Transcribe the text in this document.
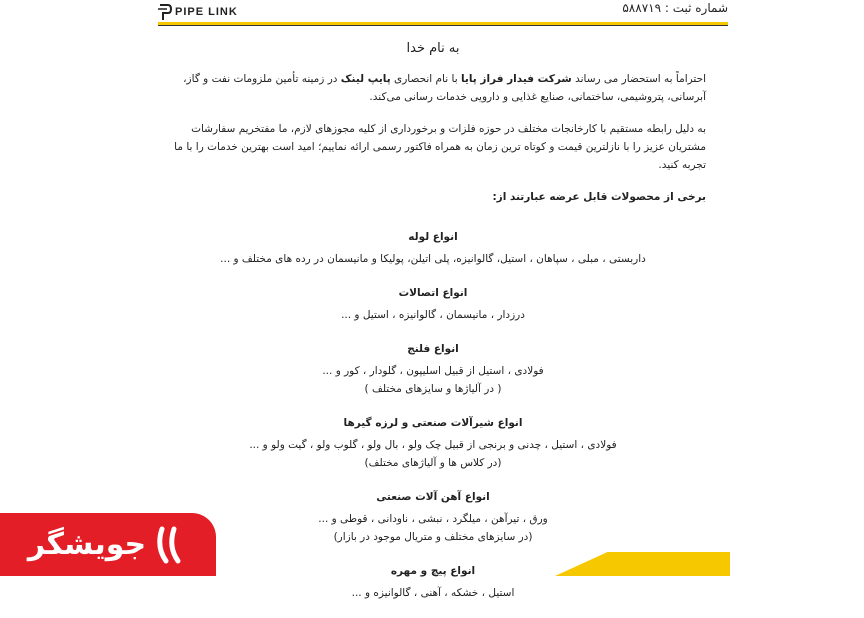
PIPE LINK	شماره ثبت : ۵۸۸۷۱۹
به نام خدا

احتراماً به استحضار می رساند شرکت فیدار فراز پایا با نام انحصاری پایپ لینک در زمینه تأمین ملزومات نفت و گاز، آبرسانی، پتروشیمی، ساختمانی، صنایع غذایی و دارویی خدمات رسانی می‌کند.

به دلیل رابطه مستقیم با کارخانجات مختلف در حوزه فلزات و برخورداری از کلیه مجوزهای لازم، ما مفتخریم سفارشات مشتریان عزیز را با نازلترین قیمت و کوتاه ترین زمان به همراه فاکتور رسمی ارائه نماییم؛ امید است بهترین خدمات را با ما تجربه کنید.

برخی از محصولات قابل عرضه عبارتند از:
انواع لوله
داربستی ، مبلی ، سپاهان ، استیل، گالوانیزه، پلی اتیلن، پولیکا و مانیسمان در رده های مختلف و ...
انواع اتصالات
درزدار ، مانیسمان ، گالوانیزه ، استیل و ...
انواع فلنج
فولادی ، استیل از قبیل اسلیپون ، گلودار ، کور و ...
( در آلیاژها و سایزهای مختلف )
انواع شیرآلات صنعتی و لرزه گیرها
فولادی ، استیل ، چدنی و برنجی از قبیل چک ولو ، بال ولو ، گلوب ولو ، گیت ولو و ...
(در کلاس ها و آلیاژهای مختلف)
انواع آهن آلات صنعتی
ورق ، تیرآهن ، میلگرد ، نبشی ، ناودانی ، قوطی و ...
(در سایزهای مختلف و متریال موجود در بازار)
انواع پیچ و مهره
استیل ، خشکه ، آهنی ، گالوانیزه و ...
جویشگر
